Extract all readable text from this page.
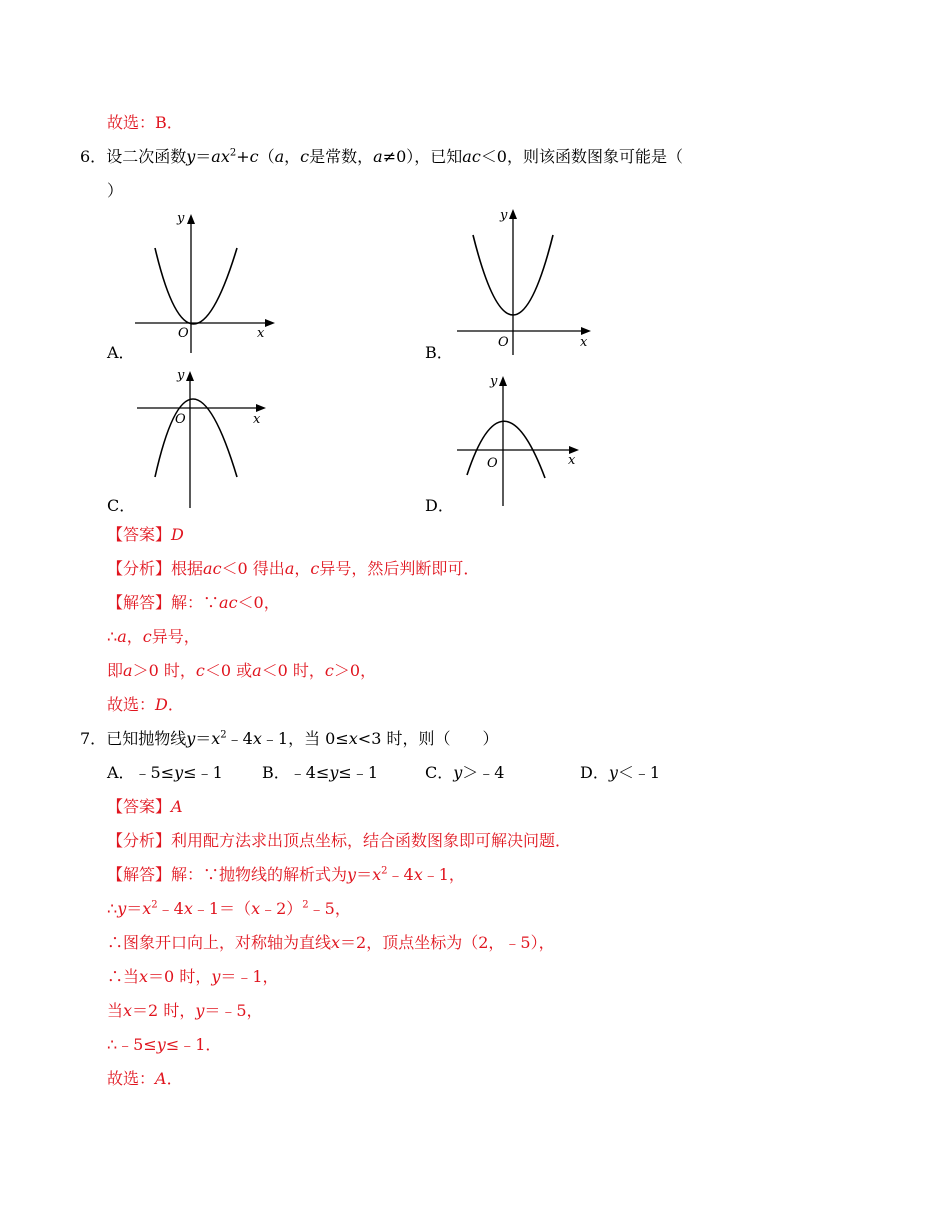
故选：B．
6．设二次函数$y=ax^2+c(a$，c是常数，a≠0），已知ac＜0，则该函数图象可能是（
）
y
x
O
A．
y
x
O
B．
y
x
O
C．
y
x
O
D．
【答案】D
【分析】根据ac＜0 得出a，c异号，然后判断即可．
【解答】解：∵ac＜0，
∴a，c异号，
即a＞0 时，c＜0 或a＜0 时，c＞0，
故选：D．
7．已知抛物线$y=x^2﹣4x﹣1$，当 0≤x<3 时，则（　　）
A．﹣5≤y≤﹣1 B．﹣4≤y≤﹣1	C．y＞﹣4	D．y＜﹣1
【答案】A
【分析】利用配方法求出顶点坐标，结合函数图象即可解决问题．
【解答】解：∵抛物线的解析式为$y=x^2﹣4x﹣1$，
$\therefore y=x^2﹣4x﹣1=(x﹣2)^2﹣5$，
∴图象开口向上，对称轴为直线x＝2，顶点坐标为（2，﹣5），
∴当x＝0 时，y＝﹣1，
当x＝2 时，y＝﹣5，
∴﹣5≤y≤﹣1．
故选：A．
